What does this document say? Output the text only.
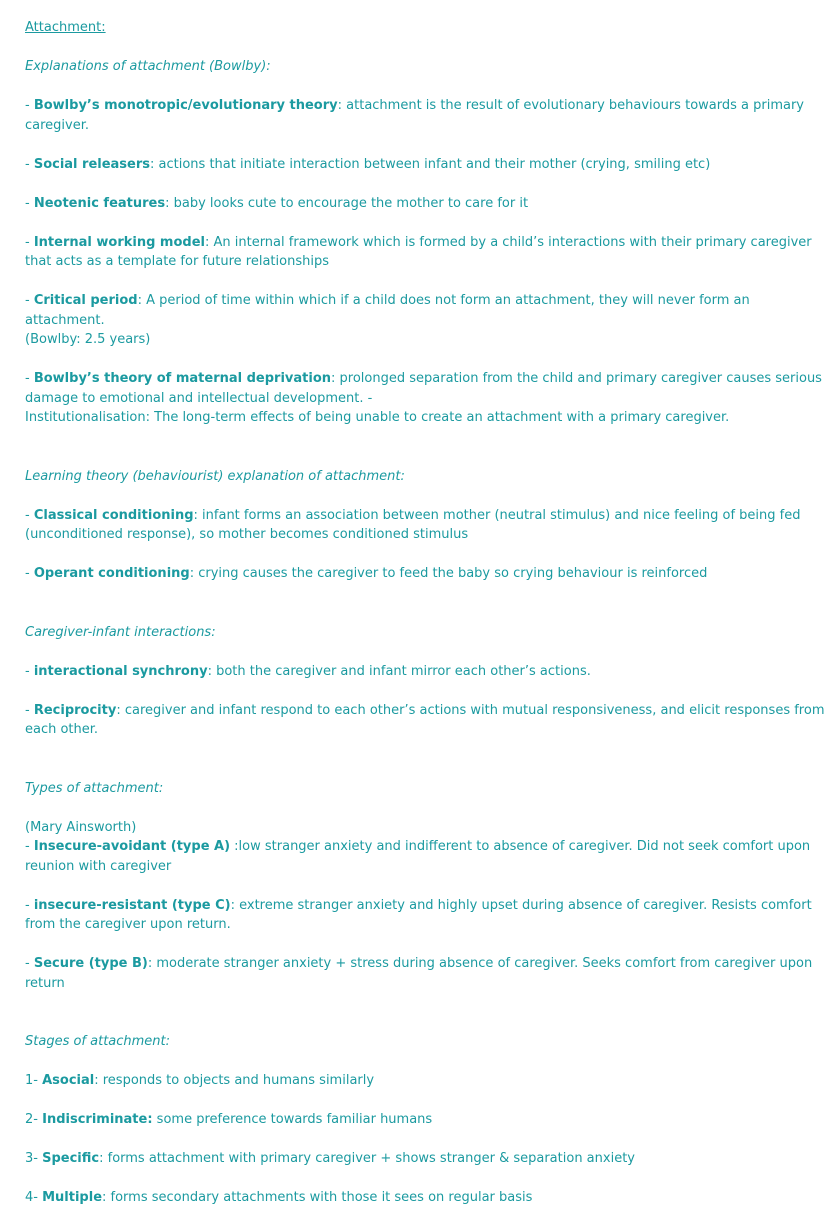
Attachment:

Explanations of attachment (Bowlby):

- Bowlby’s monotropic/evolutionary theory: attachment is the result of evolutionary behaviours towards a primary caregiver.

- Social releasers: actions that initiate interaction between infant and their mother (crying, smiling etc)

- Neotenic features: baby looks cute to encourage the mother to care for it

- Internal working model: An internal framework which is formed by a child’s interactions with their primary caregiver that acts as a template for future relationships

- Critical period: A period of time within which if a child does not form an attachment, they will never form an attachment.

(Bowlby: 2.5 years)

- Bowlby’s theory of maternal deprivation: prolonged separation from the child and primary caregiver causes serious damage to emotional and intellectual development. -

Institutionalisation: The long-term effects of being unable to create an attachment with a primary caregiver.

Learning theory (behaviourist) explanation of attachment:

- Classical conditioning: infant forms an association between mother (neutral stimulus) and nice feeling of being fed (unconditioned response), so mother becomes conditioned stimulus

- Operant conditioning: crying causes the caregiver to feed the baby so crying behaviour is reinforced

Caregiver-infant interactions:

- interactional synchrony: both the caregiver and infant mirror each other’s actions.

- Reciprocity: caregiver and infant respond to each other’s actions with mutual responsiveness, and elicit responses from each other.

Types of attachment:

(Mary Ainsworth)

- Insecure-avoidant (type A) :low stranger anxiety and indifferent to absence of caregiver. Did not seek comfort upon reunion with caregiver

- insecure-resistant (type C): extreme stranger anxiety and highly upset during absence of caregiver. Resists comfort from the caregiver upon return.

- Secure (type B): moderate stranger anxiety + stress during absence of caregiver. Seeks comfort from caregiver upon return

Stages of attachment:

1- Asocial: responds to objects and humans similarly

2- Indiscriminate: some preference towards familiar humans

3- Specific: forms attachment with primary caregiver + shows stranger & separation anxiety

4- Multiple: forms secondary attachments with those it sees on regular basis
